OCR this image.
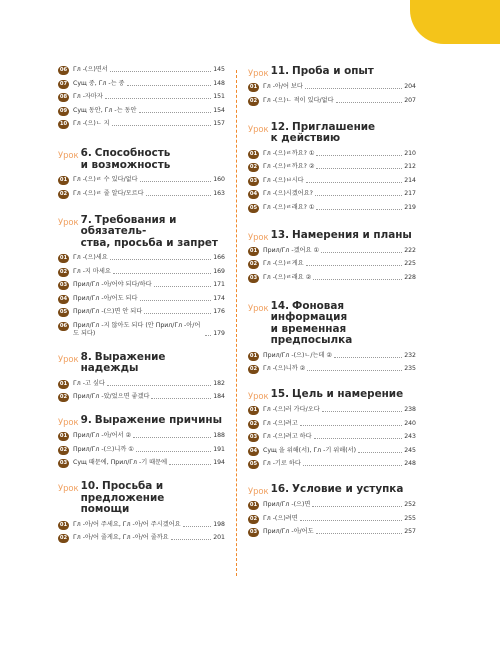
06 Гл -(으)면서	145
07 Сущ 중, Гл -는 중	148
08 Гл -자마자	151
09 Сущ 동안, Гл -는 동안	154
10 Гл -(으)ㄴ 지	157
Урок 6. Способность
и возможность
01 Гл -(으)ㄹ 수 있다/없다	160
02 Гл -(으)ㄹ 줄 알다/모르다	163
Урок 7. Требования и обязатель-
ства, просьба и запрет
01 Гл -(으)세요	166
02 Гл -지 마세요	169
03 Прил/Гл -아/어야 되다/하다	171
04 Прил/Гл -아/어도 되다	174
05 Прил/Гл -(으)면 안 되다	176
06 Прил/Гл -지 않아도 되다 (안 Прил/Гл -아/어도 되다)	179
Урок 8. Выражение надежды
01 Гл -고 싶다	182
02 Прил/Гл -았/었으면 좋겠다	184
Урок 9. Выражение причины
01 Прил/Гл -아/어서 ②	188
02 Прил/Гл -(으)니까 ①	191
03 Сущ 때문에, Прил/Гл -기 때문에	194
Урок 10. Просьба и предложение
помощи
01 Гл -아/어 주세요, Гл -아/어 주시겠어요	198
02 Гл -아/어 줄게요, Гл -아/어 줄까요	201
Урок 11. Проба и опыт
01 Гл -아/어 보다	204
02 Гл -(으)ㄴ 적이 있다/없다	207
Урок 12. Приглашение
к действию
01 Гл -(으)ㄹ까요? ①	210
02 Гл -(으)ㄹ까요? ②	212
03 Гл -(으)ㅂ시다	214
04 Гл -(으)시겠어요?	217
05 Гл -(으)ㄹ래요? ①	219
Урок 13. Намерения и планы
01 Прил/Гл -겠어요 ①	222
02 Гл -(으)ㄹ게요	225
03 Гл -(으)ㄹ래요 ②	228
Урок 14. Фоновая информация
и временная
предпосылка
01 Прил/Гл -(으)ㄴ/는데 ②	232
02 Гл -(으)니까 ②	235
Урок 15. Цель и намерение
01 Гл -(으)러 가다/오다	238
02 Гл -(으)려고	240
03 Гл -(으)려고 하다	243
04 Сущ 을 위해(서), Гл -기 위해(서)	245
05 Гл -기로 하다	248
Урок 16. Условие и уступка
01 Прил/Гл -(으)면	252
02 Гл -(으)려면	255
03 Прил/Гл -아/어도	257
